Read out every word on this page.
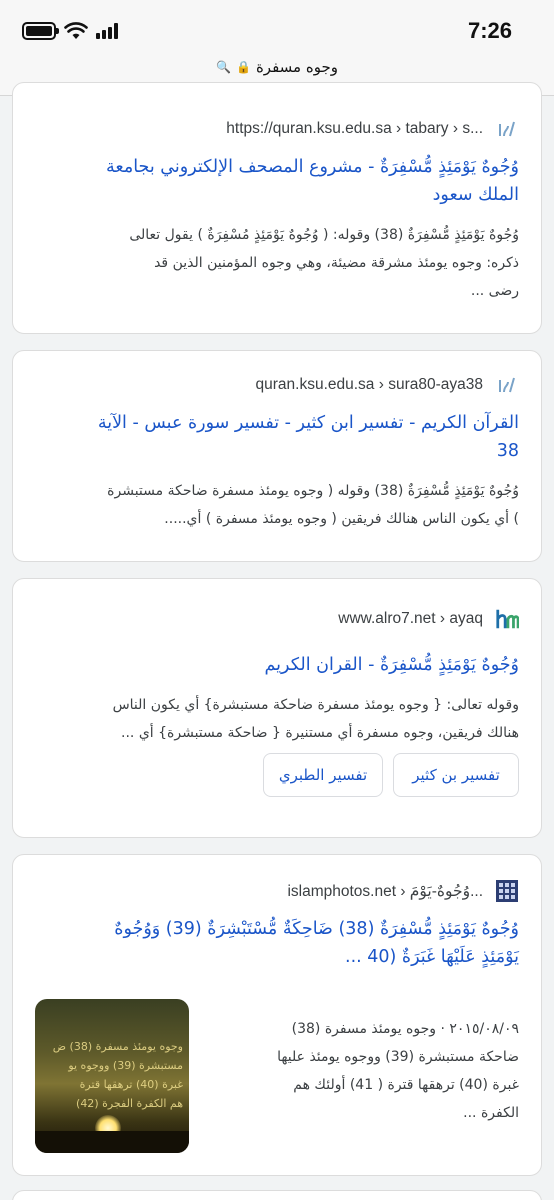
7:26
🔍 🔒 وجوه مسفرة
https://quran.ksu.edu.sa › tabary › s...
وُجُوهٌ يَوْمَئِذٍ مُّسْفِرَةٌ - مشروع المصحف الإلكتروني بجامعة
الملك سعود
وُجُوهٌ يَوْمَئِذٍ مُّسْفِرَةٌ (38) وقوله: ( وُجُوهٌ يَوْمَئِذٍ مُسْفِرَةٌ ) يقول تعالى
ذكره: وجوه يومئذ مشرقة مضيئة، وهي وجوه المؤمنين الذين قد
رضى ...
quran.ksu.edu.sa › sura80-aya38
القرآن الكريم - تفسير ابن كثير - تفسير سورة عبس - الآية
38
وُجُوهٌ يَوْمَئِذٍ مُّسْفِرَةٌ (38) وقوله ( وجوه يومئذ مسفرة ضاحكة مستبشرة
) أي يكون الناس هنالك فريقين ( وجوه يومئذ مسفرة ) أي.....
www.alro7.net › ayaq
وُجُوهٌ يَوْمَئِذٍ مُّسْفِرَةٌ - القران الكريم
وقوله تعالى: { وجوه يومئذ مسفرة ضاحكة مستبشرة} أي يكون الناس
هنالك فريقين، وجوه مسفرة أي مستنيرة { ضاحكة مستبشرة} أي ...
تفسير بن كثير
تفسير الطبري
islamphotos.net › وُجُوهٌ-يَوْمَ...
وُجُوهٌ يَوْمَئِذٍ مُّسْفِرَةٌ (38) ضَاحِكَةٌ مُّسْتَبْشِرَةٌ (39) وَوُجُوهٌ
يَوْمَئِذٍ عَلَيْهَا غَبَرَةٌ (40 ...
٢٠١٥/٠٨/٠٩ · وجوه يومئذ مسفرة (38)
ضاحكة مستبشرة (39) ووجوه يومئذ عليها
غبرة (40) ترهقها قترة ( 41) أولئك هم
الكفرة ...
وجوه يومئذ مسفرة (38) ض
مستبشرة (39) ووجوه يو
غبرة (40) ترهقها قترة
هم الكفرة الفجرة (42)
